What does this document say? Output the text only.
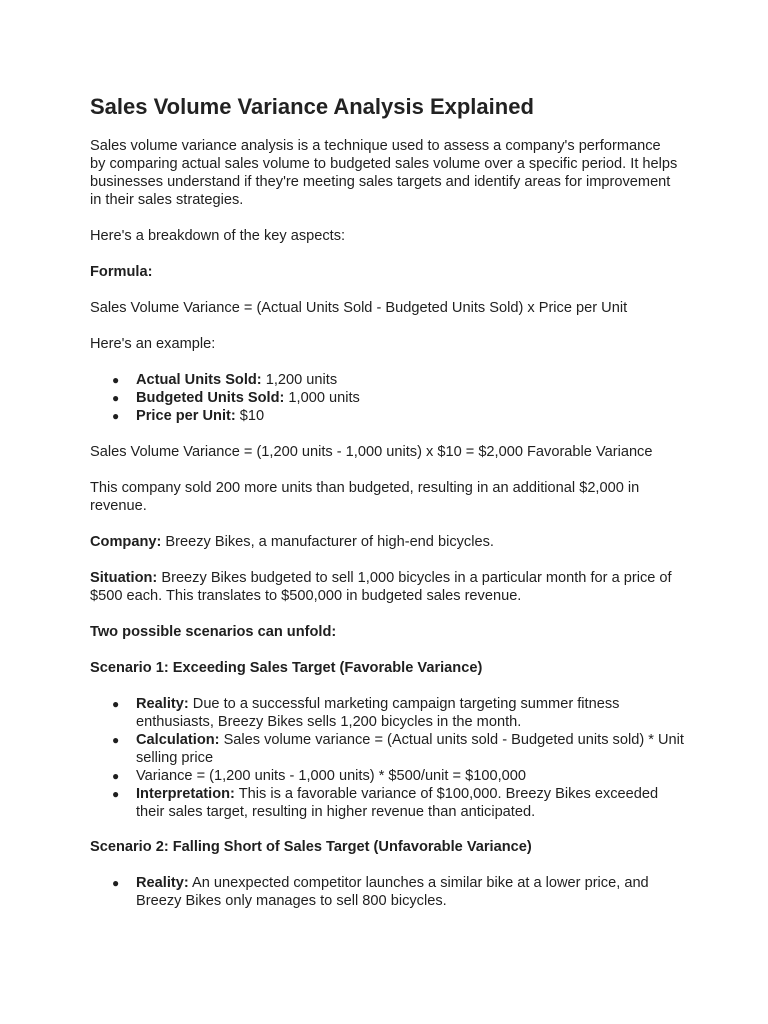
Sales Volume Variance Analysis Explained

Sales volume variance analysis is a technique used to assess a company's performance by comparing actual sales volume to budgeted sales volume over a specific period. It helps businesses understand if they're meeting sales targets and identify areas for improvement in their sales strategies.

Here's a breakdown of the key aspects:

Formula:

Sales Volume Variance = (Actual Units Sold - Budgeted Units Sold) x Price per Unit

Here's an example:

● Actual Units Sold: 1,200 units
● Budgeted Units Sold: 1,000 units
● Price per Unit: $10

Sales Volume Variance = (1,200 units - 1,000 units) x $10 = $2,000 Favorable Variance

This company sold 200 more units than budgeted, resulting in an additional $2,000 in revenue.

Company: Breezy Bikes, a manufacturer of high-end bicycles.

Situation: Breezy Bikes budgeted to sell 1,000 bicycles in a particular month for a price of $500 each. This translates to $500,000 in budgeted sales revenue.

Two possible scenarios can unfold:

Scenario 1: Exceeding Sales Target (Favorable Variance)

● Reality: Due to a successful marketing campaign targeting summer fitness enthusiasts, Breezy Bikes sells 1,200 bicycles in the month.
● Calculation: Sales volume variance = (Actual units sold - Budgeted units sold) * Unit selling price
● Variance = (1,200 units - 1,000 units) * $500/unit = $100,000
● Interpretation: This is a favorable variance of $100,000. Breezy Bikes exceeded their sales target, resulting in higher revenue than anticipated.

Scenario 2: Falling Short of Sales Target (Unfavorable Variance)

● Reality: An unexpected competitor launches a similar bike at a lower price, and Breezy Bikes only manages to sell 800 bicycles.
